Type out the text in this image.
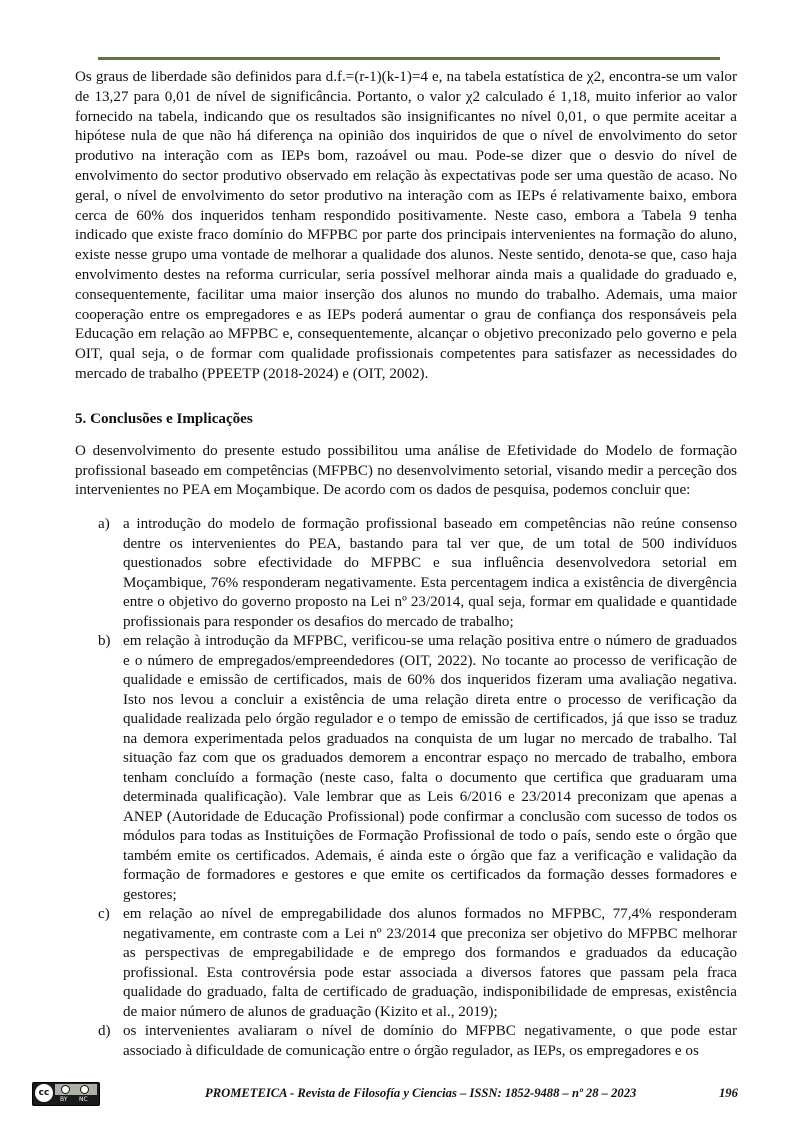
Os graus de liberdade são definidos para d.f.=(r-1)(k-1)=4 e, na tabela estatística de χ2, encontra-se um valor de 13,27 para 0,01 de nível de significância. Portanto, o valor χ2 calculado é 1,18, muito inferior ao valor fornecido na tabela, indicando que os resultados são insignificantes no nível 0,01, o que permite aceitar a hipótese nula de que não há diferença na opinião dos inquiridos de que o nível de envolvimento do setor produtivo na interação com as IEPs bom, razoável ou mau. Pode-se dizer que o desvio do nível de envolvimento do sector produtivo observado em relação às expectativas pode ser uma questão de acaso. No geral, o nível de envolvimento do setor produtivo na interação com as IEPs é relativamente baixo, embora cerca de 60% dos inqueridos tenham respondido positivamente. Neste caso, embora a Tabela 9 tenha indicado que existe fraco domínio do MFPBC por parte dos principais intervenientes na formação do aluno, existe nesse grupo uma vontade de melhorar a qualidade dos alunos. Neste sentido, denota-se que, caso haja envolvimento destes na reforma curricular, seria possível melhorar ainda mais a qualidade do graduado e, consequentemente, facilitar uma maior inserção dos alunos no mundo do trabalho. Ademais, uma maior cooperação entre os empregadores e as IEPs poderá aumentar o grau de confiança dos responsáveis pela Educação em relação ao MFPBC e, consequentemente, alcançar o objetivo preconizado pelo governo e pela OIT, qual seja, o de formar com qualidade profissionais competentes para satisfazer as necessidades do mercado de trabalho (PPEETP (2018-2024) e (OIT, 2002).

5. Conclusões e Implicações

O desenvolvimento do presente estudo possibilitou uma análise de Efetividade do Modelo de formação profissional baseado em competências (MFPBC) no desenvolvimento setorial, visando medir a perceção dos intervenientes no PEA em Moçambique. De acordo com os dados de pesquisa, podemos concluir que:

a) a introdução do modelo de formação profissional baseado em competências não reúne consenso dentre os intervenientes do PEA, bastando para tal ver que, de um total de 500 indivíduos questionados sobre efectividade do MFPBC e sua influência desenvolvedora setorial em Moçambique, 76% responderam negativamente. Esta percentagem indica a existência de divergência entre o objetivo do governo proposto na Lei nº 23/2014, qual seja, formar em qualidade e quantidade profissionais para responder os desafios do mercado de trabalho;
b) em relação à introdução da MFPBC, verificou-se uma relação positiva entre o número de graduados e o número de empregados/empreendedores (OIT, 2022). No tocante ao processo de verificação de qualidade e emissão de certificados, mais de 60% dos inqueridos fizeram uma avaliação negativa. Isto nos levou a concluir a existência de uma relação direta entre o processo de verificação da qualidade realizada pelo órgão regulador e o tempo de emissão de certificados, já que isso se traduz na demora experimentada pelos graduados na conquista de um lugar no mercado de trabalho. Tal situação faz com que os graduados demorem a encontrar espaço no mercado de trabalho, embora tenham concluído a formação (neste caso, falta o documento que certifica que graduaram uma determinada qualificação). Vale lembrar que as Leis 6/2016 e 23/2014 preconizam que apenas a ANEP (Autoridade de Educação Profissional) pode confirmar a conclusão com sucesso de todos os módulos para todas as Instituições de Formação Profissional de todo o país, sendo este o órgão que também emite os certificados. Ademais, é ainda este o órgão que faz a verificação e validação da formação de formadores e gestores e que emite os certificados da formação desses formadores e gestores;
c) em relação ao nível de empregabilidade dos alunos formados no MFPBC, 77,4% responderam negativamente, em contraste com a Lei nº 23/2014 que preconiza ser objetivo do MFPBC melhorar as perspectivas de empregabilidade e de emprego dos formandos e graduados da educação profissional. Esta controvérsia pode estar associada a diversos fatores que passam pela fraca qualidade do graduado, falta de certificado de graduação, indisponibilidade de empresas, existência de maior número de alunos de graduação (Kizito et al., 2019);
d) os intervenientes avaliaram o nível de domínio do MFPBC negativamente, o que pode estar associado à dificuldade de comunicação entre o órgão regulador, as IEPs, os empregadores e os
cc
BY NC	PROMETEICA - Revista de Filosofía y Ciencias – ISSN: 1852-9488 – nº 28 – 2023	196
